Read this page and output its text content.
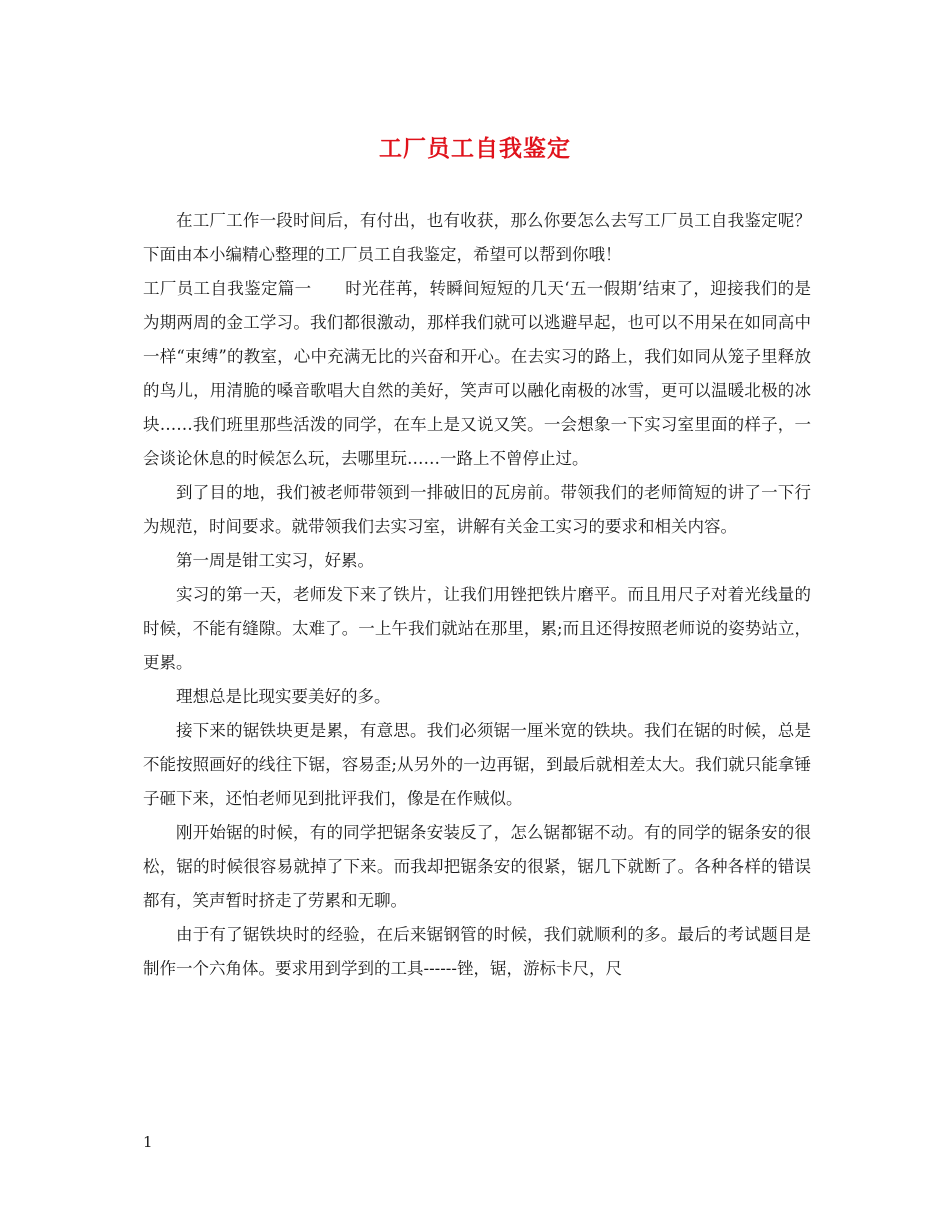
工厂员工自我鉴定

在工厂工作一段时间后，有付出，也有收获，那么你要怎么去写工厂员工自我鉴定呢？下面由本小编精心整理的工厂员工自我鉴定，希望可以帮到你哦！

工厂员工自我鉴定篇一　　时光荏苒，转瞬间短短的几天‘五一假期’结束了，迎接我们的是为期两周的金工学习。我们都很激动，那样我们就可以逃避早起，也可以不用呆在如同高中一样“束缚”的教室，心中充满无比的兴奋和开心。在去实习的路上，我们如同从笼子里释放的鸟儿，用清脆的嗓音歌唱大自然的美好，笑声可以融化南极的冰雪，更可以温暖北极的冰块……我们班里那些活泼的同学，在车上是又说又笑。一会想象一下实习室里面的样子，一会谈论休息的时候怎么玩，去哪里玩……一路上不曾停止过。

到了目的地，我们被老师带领到一排破旧的瓦房前。带领我们的老师简短的讲了一下行为规范，时间要求。就带领我们去实习室，讲解有关金工实习的要求和相关内容。

第一周是钳工实习，好累。

实习的第一天，老师发下来了铁片，让我们用锉把铁片磨平。而且用尺子对着光线量的时候，不能有缝隙。太难了。一上午我们就站在那里，累;而且还得按照老师说的姿势站立，更累。

理想总是比现实要美好的多。

接下来的锯铁块更是累，有意思。我们必须锯一厘米宽的铁块。我们在锯的时候，总是不能按照画好的线往下锯，容易歪;从另外的一边再锯，到最后就相差太大。我们就只能拿锤子砸下来，还怕老师见到批评我们，像是在作贼似。

刚开始锯的时候，有的同学把锯条安装反了，怎么锯都锯不动。有的同学的锯条安的很松，锯的时候很容易就掉了下来。而我却把锯条安的很紧，锯几下就断了。各种各样的错误都有，笑声暂时挤走了劳累和无聊。

由于有了锯铁块时的经验，在后来锯钢管的时候，我们就顺利的多。最后的考试题目是制作一个六角体。要求用到学到的工具------锉，锯，游标卡尺，尺

1
